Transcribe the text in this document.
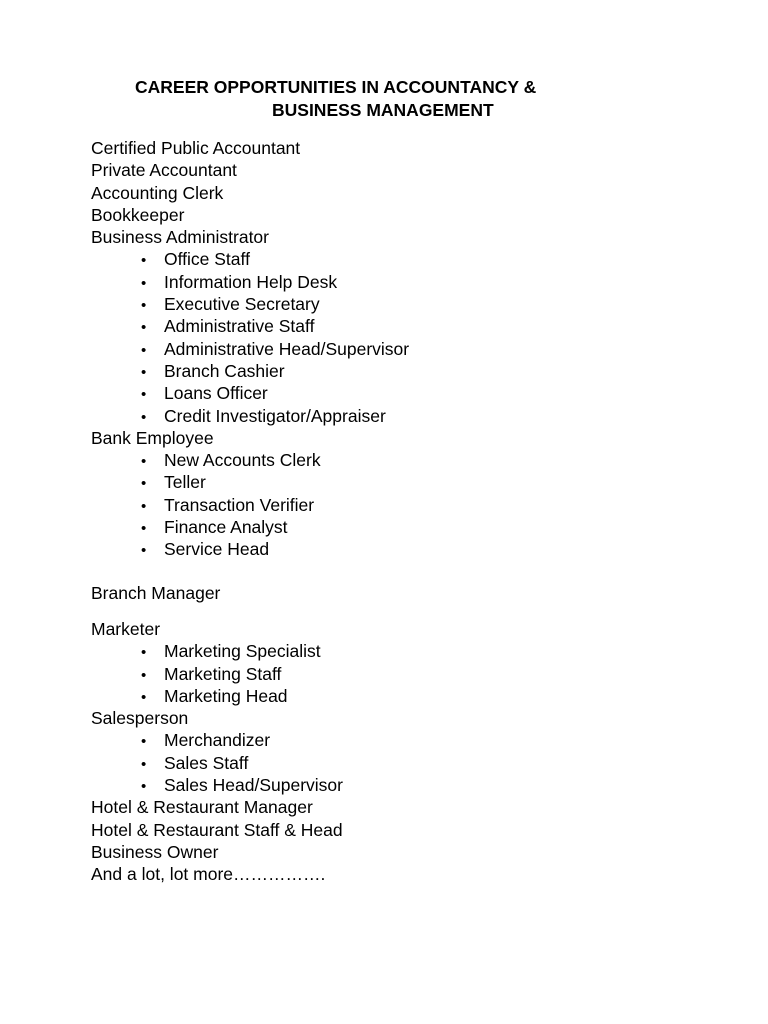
CAREER OPPORTUNITIES IN ACCOUNTANCY &
BUSINESS MANAGEMENT
Certified Public Accountant
Private Accountant
Accounting Clerk
Bookkeeper
Business Administrator
• Office Staff
• Information Help Desk
• Executive Secretary
• Administrative Staff
• Administrative Head/Supervisor
• Branch Cashier
• Loans Officer
• Credit Investigator/Appraiser
Bank Employee
• New Accounts Clerk
• Teller
• Transaction Verifier
• Finance Analyst
• Service Head
Branch Manager
Marketer
• Marketing Specialist
• Marketing Staff
• Marketing Head
Salesperson
• Merchandizer
• Sales Staff
• Sales Head/Supervisor
Hotel & Restaurant Manager
Hotel & Restaurant Staff & Head
Business Owner
And a lot, lot more…………….
